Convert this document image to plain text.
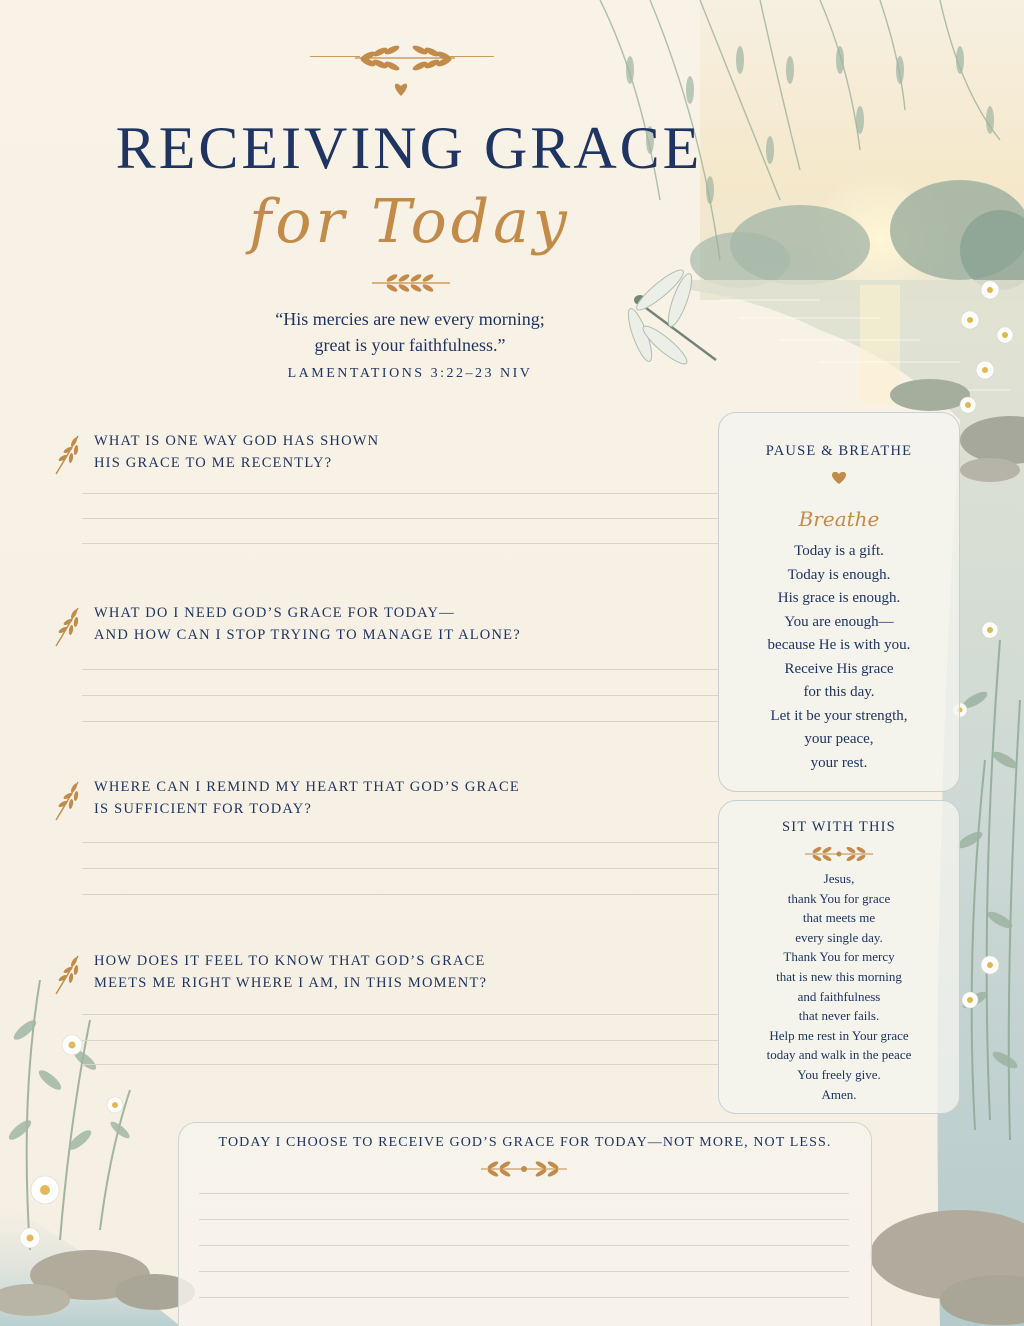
RECEIVING GRACE
for Today
“His mercies are new every morning;
great is your faithfulness.”
LAMENTATIONS 3:22–23 NIV
WHAT IS ONE WAY GOD HAS SHOWN
HIS GRACE TO ME RECENTLY?
WHAT DO I NEED GOD’S GRACE FOR TODAY—
AND HOW CAN I STOP TRYING TO MANAGE IT ALONE?
WHERE CAN I REMIND MY HEART THAT GOD’S GRACE
IS SUFFICIENT FOR TODAY?
HOW DOES IT FEEL TO KNOW THAT GOD’S GRACE
MEETS ME RIGHT WHERE I AM, IN THIS MOMENT?
PAUSE & BREATHE
Breathe
Today is a gift.
Today is enough.
His grace is enough.
You are enough—
because He is with you.
Receive His grace
for this day.
Let it be your strength,
your peace,
your rest.
SIT WITH THIS
Jesus,
thank You for grace
that meets me
every single day.
Thank You for mercy
that is new this morning
and faithfulness
that never fails.
Help me rest in Your grace
today and walk in the peace
You freely give.
Amen.
TODAY I CHOOSE TO RECEIVE GOD’S GRACE FOR TODAY—NOT MORE, NOT LESS.
